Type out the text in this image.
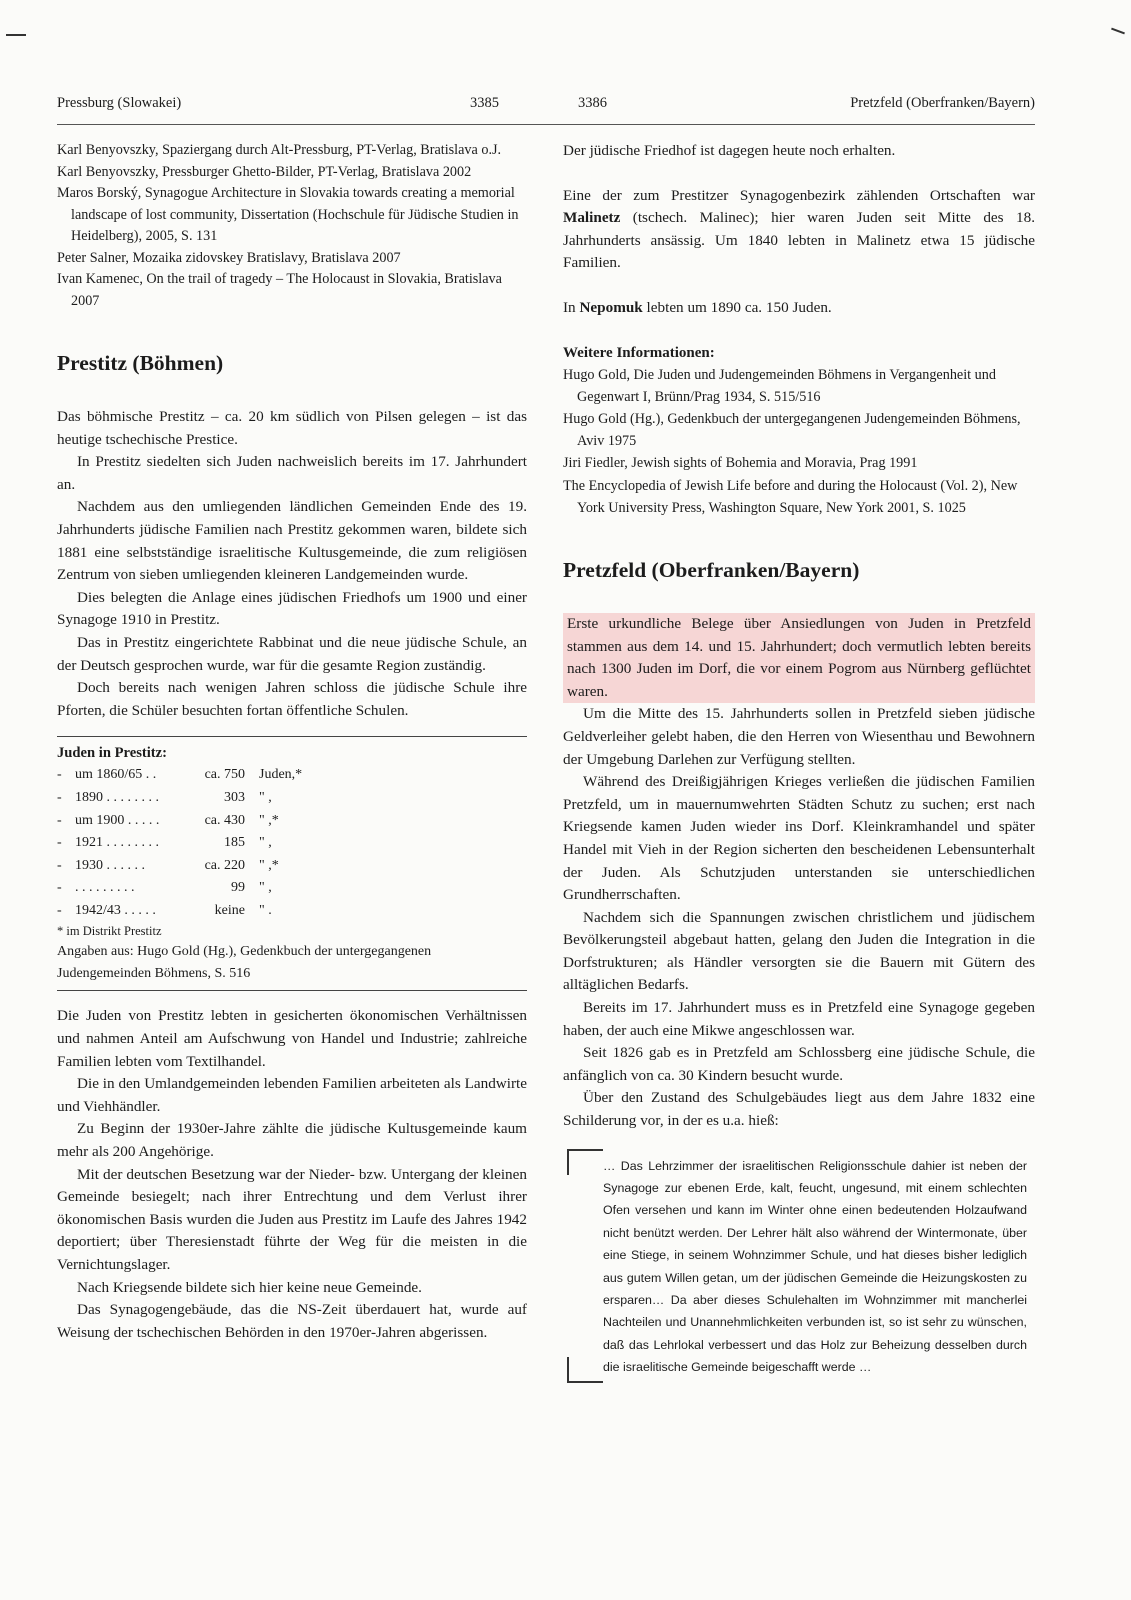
Pressburg (Slowakei)	3385	3386	Pretzfeld (Oberfranken/Bayern)

Karl Benyovszky, Spaziergang durch Alt-Pressburg, PT-Verlag, Bratislava o.J.

Karl Benyovszky, Pressburger Ghetto-Bilder, PT-Verlag, Bratislava 2002

Maros Borský, Synagogue Architecture in Slovakia towards creating a memorial landscape of lost community, Dissertation (Hochschule für Jüdische Studien in Heidelberg), 2005, S. 131

Peter Salner, Mozaika zidovskey Bratislavy, Bratislava 2007

Ivan Kamenec, On the trail of tragedy – The Holocaust in Slovakia, Bratislava 2007

Prestitz (Böhmen)

Das böhmische Prestitz – ca. 20 km südlich von Pilsen gelegen – ist das heutige tschechische Prestice.

In Prestitz siedelten sich Juden nachweislich bereits im 17. Jahrhundert an.

Nachdem aus den umliegenden ländlichen Gemeinden Ende des 19. Jahrhunderts jüdische Familien nach Prestitz gekommen waren, bildete sich 1881 eine selbstständige israelitische Kultusgemeinde, die zum religiösen Zentrum von sieben umliegenden kleineren Landgemeinden wurde.

Dies belegten die Anlage eines jüdischen Friedhofs um 1900 und einer Synagoge 1910 in Prestitz.

Das in Prestitz eingerichtete Rabbinat und die neue jüdische Schule, an der Deutsch gesprochen wurde, war für die gesamte Region zuständig.

Doch bereits nach wenigen Jahren schloss die jüdische Schule ihre Pforten, die Schüler besuchten fortan öffentliche Schulen.

Juden in Prestitz:
- um 1860/65 . .	ca. 750	Juden,*
- 1890 . . . . . . . .	303	" ,
- um 1900 . . . . .	ca. 430	" ,*
- 1921 . . . . . . . .	185	" ,
- 1930 . . . . . .	ca. 220	" ,*
- . . . . . . . . .	99	" ,
- 1942/43 . . . . .	keine	" .
* im Distrikt Prestitz
Angaben aus: Hugo Gold (Hg.), Gedenkbuch der untergegangenen Judengemeinden Böhmens, S. 516

Die Juden von Prestitz lebten in gesicherten ökonomischen Verhältnissen und nahmen Anteil am Aufschwung von Handel und Industrie; zahlreiche Familien lebten vom Textilhandel.

Die in den Umlandgemeinden lebenden Familien arbeiteten als Landwirte und Viehhändler.

Zu Beginn der 1930er-Jahre zählte die jüdische Kultusgemeinde kaum mehr als 200 Angehörige.

Mit der deutschen Besetzung war der Nieder- bzw. Untergang der kleinen Gemeinde besiegelt; nach ihrer Entrechtung und dem Verlust ihrer ökonomischen Basis wurden die Juden aus Prestitz im Laufe des Jahres 1942 deportiert; über Theresienstadt führte der Weg für die meisten in die Vernichtungslager.

Nach Kriegsende bildete sich hier keine neue Gemeinde.

Das Synagogengebäude, das die NS-Zeit überdauert hat, wurde auf Weisung der tschechischen Behörden in den 1970er-Jahren abgerissen.

Der jüdische Friedhof ist dagegen heute noch erhalten.

Eine der zum Prestitzer Synagogenbezirk zählenden Ortschaften war Malinetz (tschech. Malinec); hier waren Juden seit Mitte des 18. Jahrhunderts ansässig. Um 1840 lebten in Malinetz etwa 15 jüdische Familien.

In Nepomuk lebten um 1890 ca. 150 Juden.

Weitere Informationen:

Hugo Gold, Die Juden und Judengemeinden Böhmens in Vergangenheit und Gegenwart I, Brünn/Prag 1934, S. 515/516

Hugo Gold (Hg.), Gedenkbuch der untergegangenen Judengemeinden Böhmens, Aviv 1975

Jiri Fiedler, Jewish sights of Bohemia and Moravia, Prag 1991

The Encyclopedia of Jewish Life before and during the Holocaust (Vol. 2), New York University Press, Washington Square, New York 2001, S. 1025

Pretzfeld (Oberfranken/Bayern)

Erste urkundliche Belege über Ansiedlungen von Juden in Pretzfeld stammen aus dem 14. und 15. Jahrhundert; doch vermutlich lebten bereits nach 1300 Juden im Dorf, die vor einem Pogrom aus Nürnberg geflüchtet waren.

Um die Mitte des 15. Jahrhunderts sollen in Pretzfeld sieben jüdische Geldverleiher gelebt haben, die den Herren von Wiesenthau und Bewohnern der Umgebung Darlehen zur Verfügung stellten.

Während des Dreißigjährigen Krieges verließen die jüdischen Familien Pretzfeld, um in mauernumwehrten Städten Schutz zu suchen; erst nach Kriegsende kamen Juden wieder ins Dorf. Kleinkramhandel und später Handel mit Vieh in der Region sicherten den bescheidenen Lebensunterhalt der Juden. Als Schutzjuden unterstanden sie unterschiedlichen Grundherrschaften.

Nachdem sich die Spannungen zwischen christlichem und jüdischem Bevölkerungsteil abgebaut hatten, gelang den Juden die Integration in die Dorfstrukturen; als Händler versorgten sie die Bauern mit Gütern des alltäglichen Bedarfs.

Bereits im 17. Jahrhundert muss es in Pretzfeld eine Synagoge gegeben haben, der auch eine Mikwe angeschlossen war.

Seit 1826 gab es in Pretzfeld am Schlossberg eine jüdische Schule, die anfänglich von ca. 30 Kindern besucht wurde.

Über den Zustand des Schulgebäudes liegt aus dem Jahre 1832 eine Schilderung vor, in der es u.a. hieß:

… Das Lehrzimmer der israelitischen Religionsschule dahier ist neben der Synagoge zur ebenen Erde, kalt, feucht, ungesund, mit einem schlechten Ofen versehen und kann im Winter ohne einen bedeutenden Holzaufwand nicht benützt werden. Der Lehrer hält also während der Wintermonate, über eine Stiege, in seinem Wohnzimmer Schule, und hat dieses bisher lediglich aus gutem Willen getan, um der jüdischen Gemeinde die Heizungskosten zu ersparen… Da aber dieses Schulehalten im Wohnzimmer mit mancherlei Nachteilen und Unannehmlichkeiten verbunden ist, so ist sehr zu wünschen, daß das Lehrlokal verbessert und das Holz zur Beheizung desselben durch die israelitische Gemeinde beigeschafft werde …
